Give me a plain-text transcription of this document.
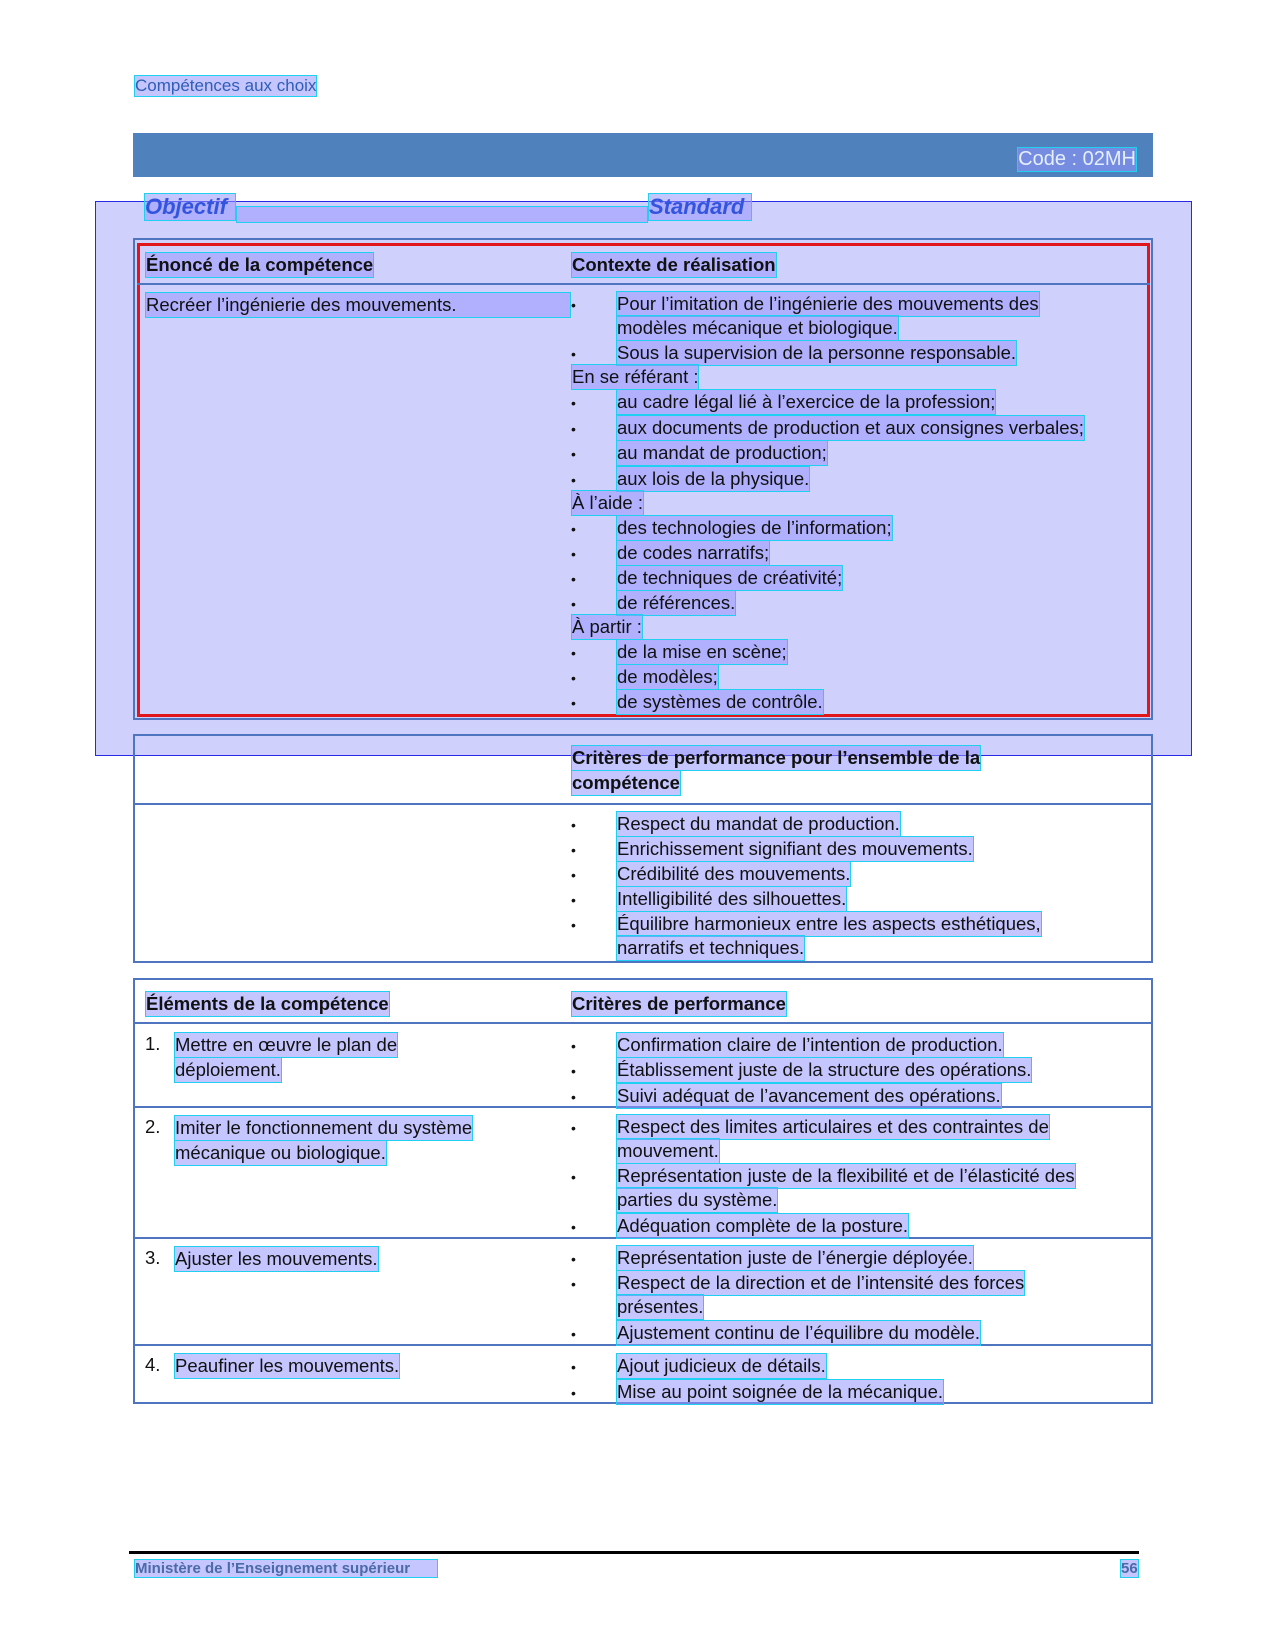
Compétences aux choix
Code : 02MH
Objectif	Standard
Énoncé de la compétence	Contexte de réalisation
Recréer l’ingénierie des mouvements.	• Pour l’imitation de l’ingénierie des mouvements des
modèles mécanique et biologique.
• Sous la supervision de la personne responsable.
En se référant :
• au cadre légal lié à l’exercice de la profession;
• aux documents de production et aux consignes verbales;
• au mandat de production;
• aux lois de la physique.
À l’aide :
• des technologies de l’information;
• de codes narratifs;
• de techniques de créativité;
• de références.
À partir :
• de la mise en scène;
• de modèles;
• de systèmes de contrôle.
Critères de performance pour l’ensemble de la
compétence
• Respect du mandat de production.
• Enrichissement signifiant des mouvements.
• Crédibilité des mouvements.
• Intelligibilité des silhouettes.
• Équilibre harmonieux entre les aspects esthétiques,
narratifs et techniques.
Éléments de la compétence	Critères de performance
1. Mettre en œuvre le plan de
déploiement.
• Confirmation claire de l’intention de production.
• Établissement juste de la structure des opérations.
• Suivi adéquat de l’avancement des opérations.
2. Imiter le fonctionnement du système
mécanique ou biologique.
• Respect des limites articulaires et des contraintes de
mouvement.
• Représentation juste de la flexibilité et de l’élasticité des
parties du système.
• Adéquation complète de la posture.
3. Ajuster les mouvements.	• Représentation juste de l’énergie déployée.
• Respect de la direction et de l’intensité des forces
présentes.
• Ajustement continu de l’équilibre du modèle.
4. Peaufiner les mouvements.	• Ajout judicieux de détails.
• Mise au point soignée de la mécanique.
Ministère de l’Enseignement supérieur	56
